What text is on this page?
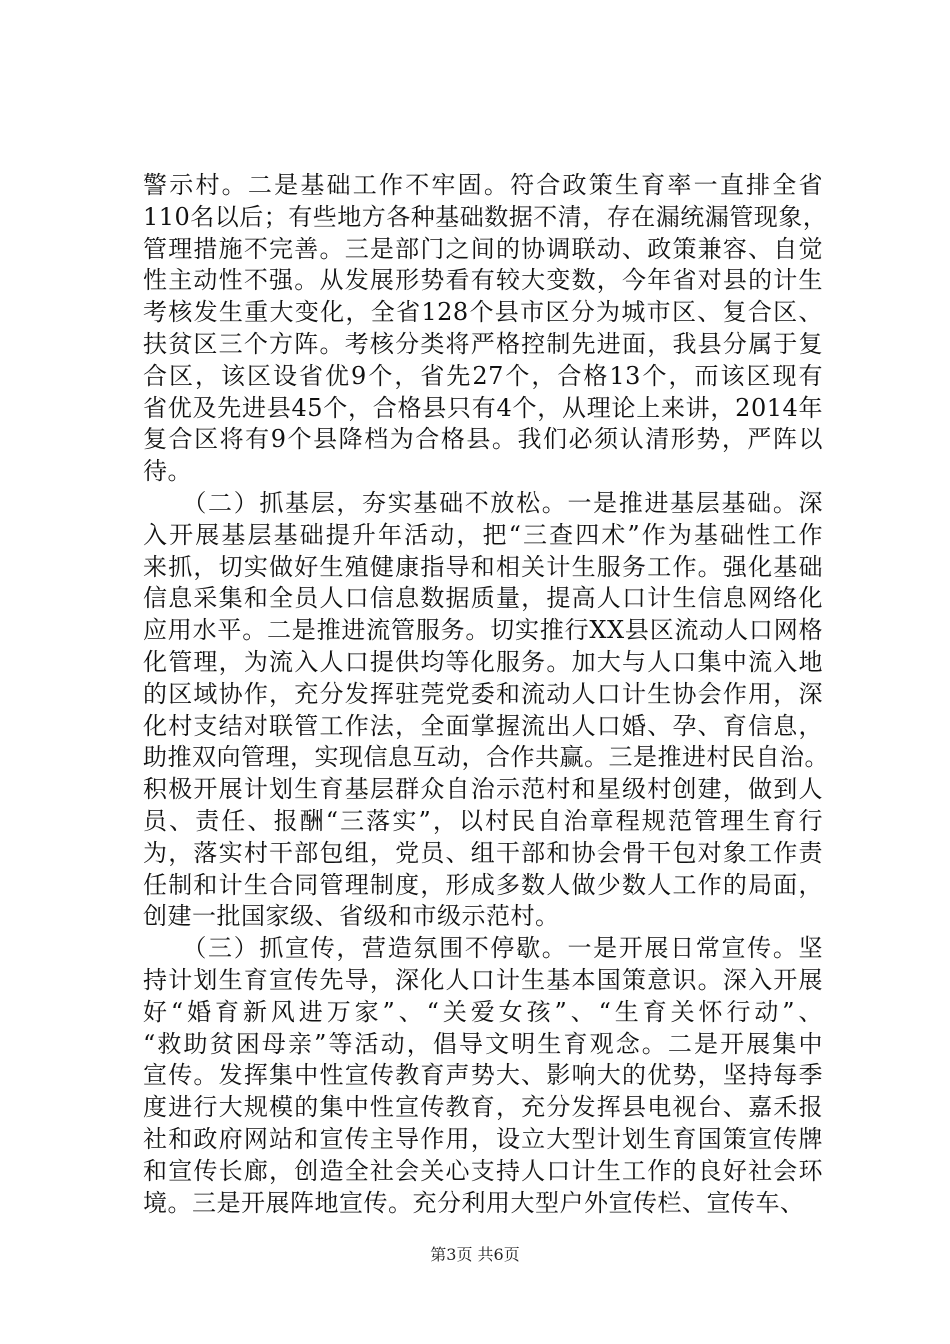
警示村。二是基础工作不牢固。符合政策生育率一直排全省
110名以后；有些地方各种基础数据不清，存在漏统漏管现象，
管理措施不完善。三是部门之间的协调联动、政策兼容、自觉
性主动性不强。从发展形势看有较大变数，今年省对县的计生
考核发生重大变化，全省128个县市区分为城市区、复合区、
扶贫区三个方阵。考核分类将严格控制先进面，我县分属于复
合区，该区设省优9个，省先27个，合格13个，而该区现有
省优及先进县45个，合格县只有4个，从理论上来讲，2014年
复合区将有9个县降档为合格县。我们必须认清形势，严阵以
待。
　　（二）抓基层，夯实基础不放松。一是推进基层基础。深
入开展基层基础提升年活动，把“三查四术”作为基础性工作
来抓，切实做好生殖健康指导和相关计生服务工作。强化基础
信息采集和全员人口信息数据质量，提高人口计生信息网络化
应用水平。二是推进流管服务。切实推行XX县区流动人口网格
化管理，为流入人口提供均等化服务。加大与人口集中流入地
的区域协作，充分发挥驻莞党委和流动人口计生协会作用，深
化村支结对联管工作法，全面掌握流出人口婚、孕、育信息，
助推双向管理，实现信息互动，合作共赢。三是推进村民自治。
积极开展计划生育基层群众自治示范村和星级村创建，做到人
员、责任、报酬“三落实”，以村民自治章程规范管理生育行
为，落实村干部包组，党员、组干部和协会骨干包对象工作责
任制和计生合同管理制度，形成多数人做少数人工作的局面，
创建一批国家级、省级和市级示范村。
　　（三）抓宣传，营造氛围不停歇。一是开展日常宣传。坚
持计划生育宣传先导，深化人口计生基本国策意识。深入开展
好“婚育新风进万家”、“关爱女孩”、“生育关怀行动”、
“救助贫困母亲”等活动，倡导文明生育观念。二是开展集中
宣传。发挥集中性宣传教育声势大、影响大的优势，坚持每季
度进行大规模的集中性宣传教育，充分发挥县电视台、嘉禾报
社和政府网站和宣传主导作用，设立大型计划生育国策宣传牌
和宣传长廊，创造全社会关心支持人口计生工作的良好社会环
境。三是开展阵地宣传。充分利用大型户外宣传栏、宣传车、
第3页 共6页
